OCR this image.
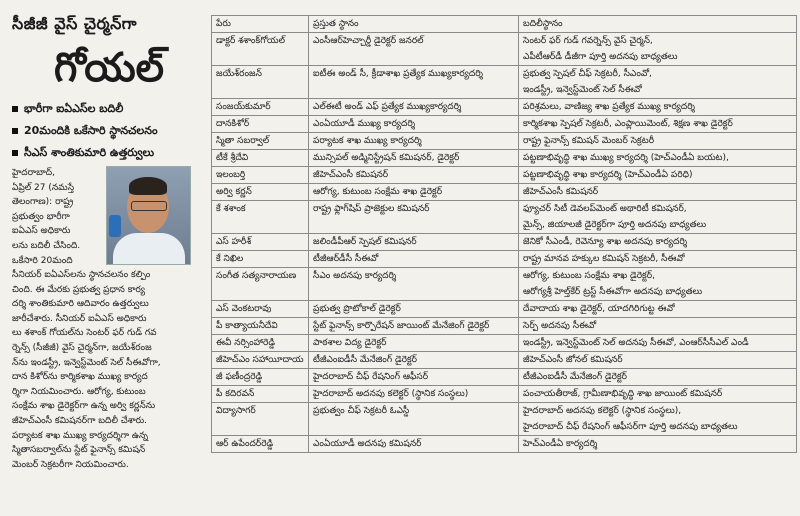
సీజీజీ వైస్ చైర్మన్‌గా
గోయల్
భారీగా ఐఏఎస్‌ల బదిలీ
20మందికి ఒకేసారి స్థానచలనం
సీఎస్ శాంతికుమారి ఉత్తర్వులు
హైదరాబాద్,
ఏప్రిల్ 27 (నమస్తే
తెలంగాణ): రాష్ట్ర
ప్రభుత్వం భారీగా
ఐఏఎస్ అధికారు
లను బదిలీ చేసింది.
ఒకేసారి 20మంది
సీనియర్ ఐఏఎస్‌లను స్థానచలనం కల్పిం
చింది. ఈ మేరకు ప్రభుత్వ ప్రధాన కార్య
దర్శి శాంతికుమారి ఆదివారం ఉత్తర్వులు
జారీచేశారు. సీనియర్ ఐఏఎస్ అధికారు
లు శశాంక్ గోయల్‌ను సెంటర్ ఫర్ గుడ్ గవ
ర్నెన్స్ (సీజీజీ) వైస్ చైర్మన్‌గా, జయేశ్‌రంజ
న్‌ను ఇండస్ట్రీ, ఇన్వెస్ట్‌మెంట్ సెల్ సీఈవోగా,
దాన కిశోర్‌ను కార్మికశాఖ ముఖ్య కార్యద
ర్శిగా నియమించారు. ఆరోగ్య, కుటుంబ
సంక్షేమ శాఖ డైరెక్టర్‌గా ఉన్న అర్వి కర్ణన్‌ను
జీహెచ్‌ఎంసీ కమిషనర్‌గా బదిలీ చేశారు.
పర్యాటక శాఖ ముఖ్య కార్యదర్శిగా ఉన్న
స్మితాసబర్వాల్‌ను స్టేట్ ఫైనాన్స్ కమిషన్
మెంబర్ సెక్రటరీగా నియమించారు.
పేరు	ప్రస్తుత స్థానం	బదిలీస్థానం
డాక్టర్ శశాంక్‌గోయల్	ఎంసీఆర్‌హెచ్చార్డీ డైరెక్టర్ జనరల్	సెంటర్ ఫర్ గుడ్ గవర్నెన్స్ వైస్ చైర్మన్,
ఎపీటీఆర్‌డీ డీజీగా పూర్తి అదనపు బాధ్యతలు

జయేశ్‌రంజన్	ఐటీఈ అండ్ సీ, క్రీడాశాఖ ప్రత్యేక ముఖ్యకార్యదర్శి	ప్రభుత్వ స్పెషల్ చీఫ్ సెక్రటరీ, సీఎంవో,
ఇండస్ట్రీ, ఇన్వెస్ట్‌మెంట్ సెల్ సీఈవో

సంజయ్‌కుమార్	ఎల్ఈటీ అండ్ ఎఫ్ ప్రత్యేక ముఖ్యకార్యదర్శి	పరిశ్రమలు, వాణిజ్య శాఖ ప్రత్యేక ముఖ్య కార్యదర్శి

దానకిశోర్	ఎంఏయూడీ ముఖ్య కార్యదర్శి	కార్మికశాఖ స్పెషల్ సెక్రటరీ, ఎంప్లాయిమెంట్, శిక్షణ శాఖ డైరెక్టర్

స్మితా సబర్వాల్	పర్యాటక శాఖ ముఖ్య కార్యదర్శి	రాష్ట్ర ఫైనాన్స్ కమిషన్ మెంబర్ సెక్రటరీ

టీకే శ్రీదేవి	మున్సిపల్ అడ్మినిస్ట్రేషన్ కమిషనర్, డైరెక్టర్	పట్టణాభివృద్ధి శాఖ ముఖ్య కార్యదర్శి (హెచ్‌ఎండీఏ బయట),

ఇలంబర్తి	జీహెచ్ఎంసీ కమిషనర్	పట్టణాభివృద్ధి శాఖ కార్యదర్శి (హెచ్ఎండీఏ పరిధి)

అర్వి కర్ణన్	ఆరోగ్య, కుటుంబ సంక్షేమ శాఖ డైరెక్టర్	జీహెచ్‌ఎంసీ కమిషనర్

కే శశాంక	రాష్ట్ర ఫ్లాగ్‌షిప్ ప్రాజెక్టుల కమిషనర్	ఫ్యూచర్ సిటీ డెవలప్‌మెంట్ అథారిటీ కమిషనర్,
మైన్స్, జియాలజీ డైరెక్టర్‌గా పూర్తి అదనపు బాధ్యతలు

ఎస్ హరీశ్	జలిండీపీఆర్ స్పెషల్ కమిషనర్	జెనికో సీఎండీ, రెవెన్యూ శాఖ అదనపు కార్యదర్శి

కే నిఖిల	టీజీఆర్‌డీసీ సీఈవో	రాష్ట్ర మానవ హక్కుల కమిషన్ సెక్రటరీ, సీఈవో

సంగీత సత్యనారాయణ	సీఎం అదనపు కార్యదర్శి	ఆరోగ్య, కుటుంబ సంక్షేమ శాఖ డైరెక్టర్,
ఆరోగ్యశ్రీ హెల్త్‌కేర్ ట్రస్ట్ సీఈవోగా అదనపు బాధ్యతలు

ఎస్ వెంకటరావు	ప్రభుత్వ ప్రొటోకాల్ డైరెక్టర్	దేవాదాయ శాఖ డైరెక్టర్, యాదగిరిగుట్ట ఈవో

పీ కాత్యాయనీదేవి	స్టేట్ ఫైనాన్స్ కార్పొరేషన్ జాయింట్ మేనేజింగ్ డైరెక్టర్	సెర్ప్ అదనపు సీఈవో

ఈవీ నర్సింహారెడ్డి	పాఠశాల విద్య డైరెక్టర్	ఇండస్ట్రీ, ఇన్వెస్ట్‌మెంట్ సెల్ అదనపు సీఈవో, ఎంఆర్‌సీసీఎల్ ఎండీ

జీహెచ్‌ఎం సహాయీదాయ	టీజీఎంఐడీసీ మేనేజింగ్ డైరెక్టర్	జీహెచ్‌ఎంసీ జోనల్ కమిషనర్

జీ ఫణీంద్రరెడ్డి	హైదరాబాద్ చీఫ్ రేషనింగ్ ఆఫీసర్	టీజీఎంఐడీసీ మేనేజింగ్ డైరెక్టర్

పీ కదిరవన్	హైదరాబాద్ అదనపు కలెక్టర్ (స్థానిక సంస్థలు)	పంచాయతీరాజ్, గ్రామీణాభివృద్ధి శాఖ జాయింట్ కమిషనర్

విద్యాసాగర్	ప్రభుత్వం చీఫ్ సెక్రటరీ ఓఎస్డీ	హైదరాబాద్ అదనపు కలెక్టర్ (స్థానిక సంస్థలు),
హైదరాబాద్ చీఫ్ రేషనింగ్ ఆఫీసర్‌గా పూర్తి అదనపు బాధ్యతలు

ఆర్ ఉపేందర్‌రెడ్డి	ఎంఏయూడీ అదనపు కమిషనర్	హెచ్ఎండీఏ కార్యదర్శి
